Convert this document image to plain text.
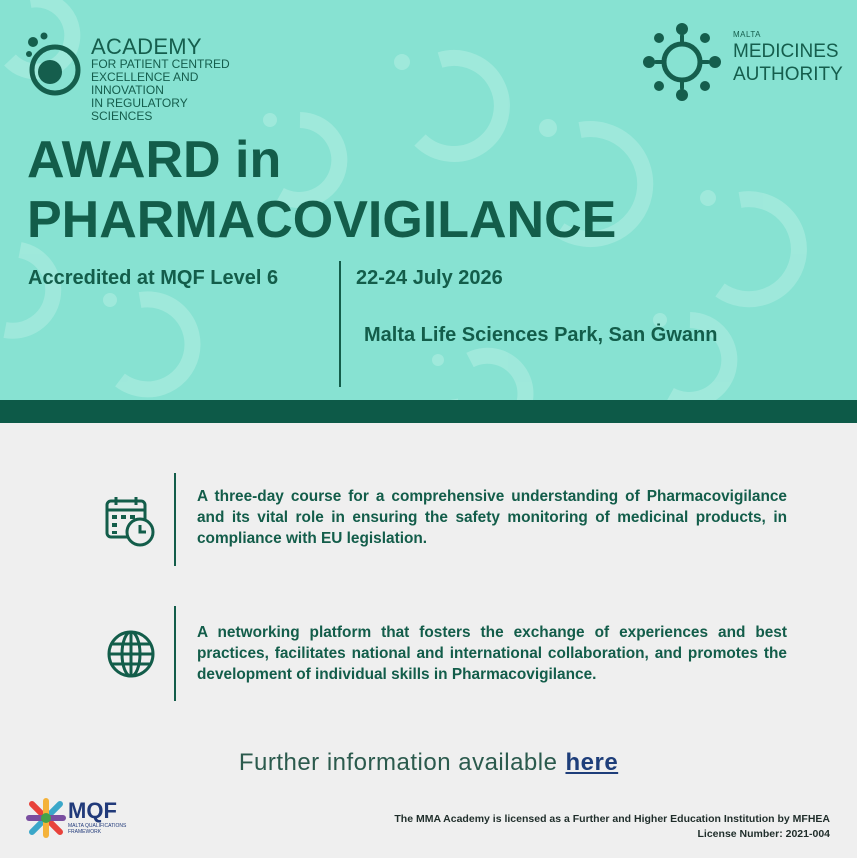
ACADEMY
FOR PATIENT CENTRED
EXCELLENCE AND INNOVATION
IN REGULATORY SCIENCES
MALTA
MEDICINES
AUTHORITY
AWARD in
PHARMACOVIGILANCE
Accredited at MQF Level 6	22-24 July 2026
Malta Life Sciences Park, San Ġwann
A three-day course for a comprehensive understanding of Pharmacovigilance and its vital role in ensuring the safety monitoring of medicinal products, in compliance with EU legislation.
A networking platform that fosters the exchange of experiences and best practices, facilitates national and international collaboration, and promotes the development of individual skills in Pharmacovigilance.
Further information available here
MQF
MALTA QUALIFICATIONS FRAMEWORK
The MMA Academy is licensed as a Further and Higher Education Institution by MFHEA
License Number: 2021-004
